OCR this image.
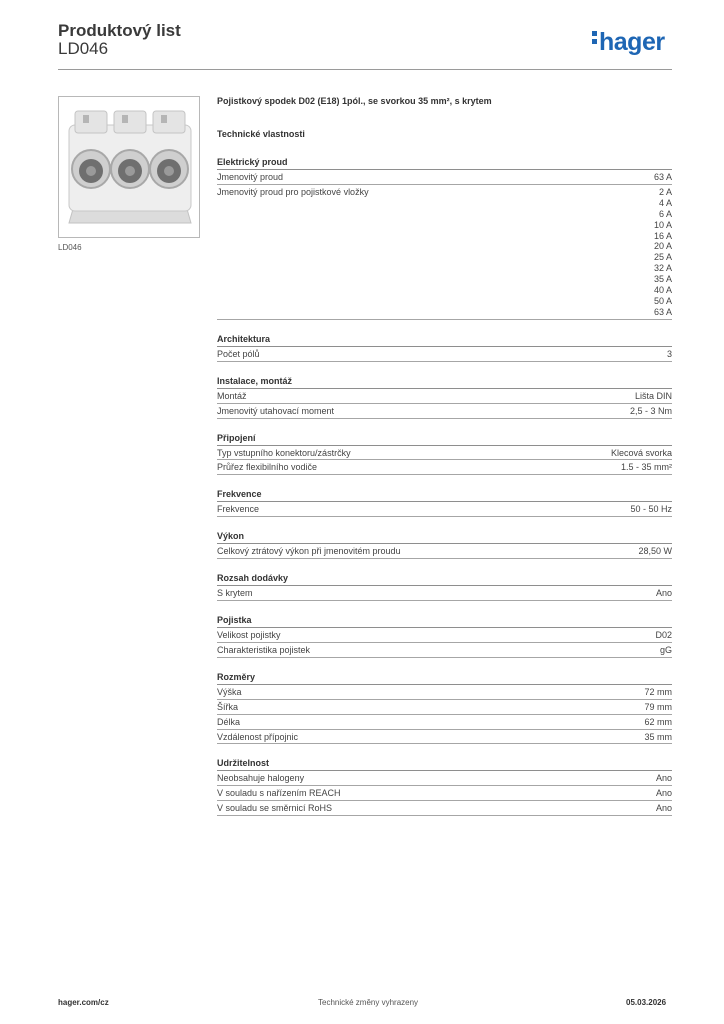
Produktový list
LD046	hager
LD046
Pojistkový spodek D02 (E18) 1pól., se svorkou 35 mm², s krytem
Technické vlastnosti
Elektrický proud
Jmenovitý proud	63 A
Jmenovitý proud pro pojistkové vložky	2 A
4 A
6 A
10 A
16 A
20 A
25 A
32 A
35 A
40 A
50 A
63 A
Architektura
Počet pólů	3
Instalace, montáž
Montáž	Lišta DIN
Jmenovitý utahovací moment	2,5 - 3 Nm
Připojení
Typ vstupního konektoru/zástrčky	Klecová svorka
Průřez flexibilního vodiče	1.5 - 35 mm²
Frekvence
Frekvence	50 - 50 Hz
Výkon
Celkový ztrátový výkon při jmenovitém proudu	28,50 W
Rozsah dodávky
S krytem	Ano
Pojistka
Velikost pojistky	D02
Charakteristika pojistek	gG
Rozměry
Výška	72 mm
Šířka	79 mm
Délka	62 mm
Vzdálenost přípojnic	35 mm
Udržitelnost
Neobsahuje halogeny	Ano
V souladu s nařízením REACH	Ano
V souladu se směrnicí RoHS	Ano
hager.com/cz	Technické změny vyhrazeny	05.03.2026
